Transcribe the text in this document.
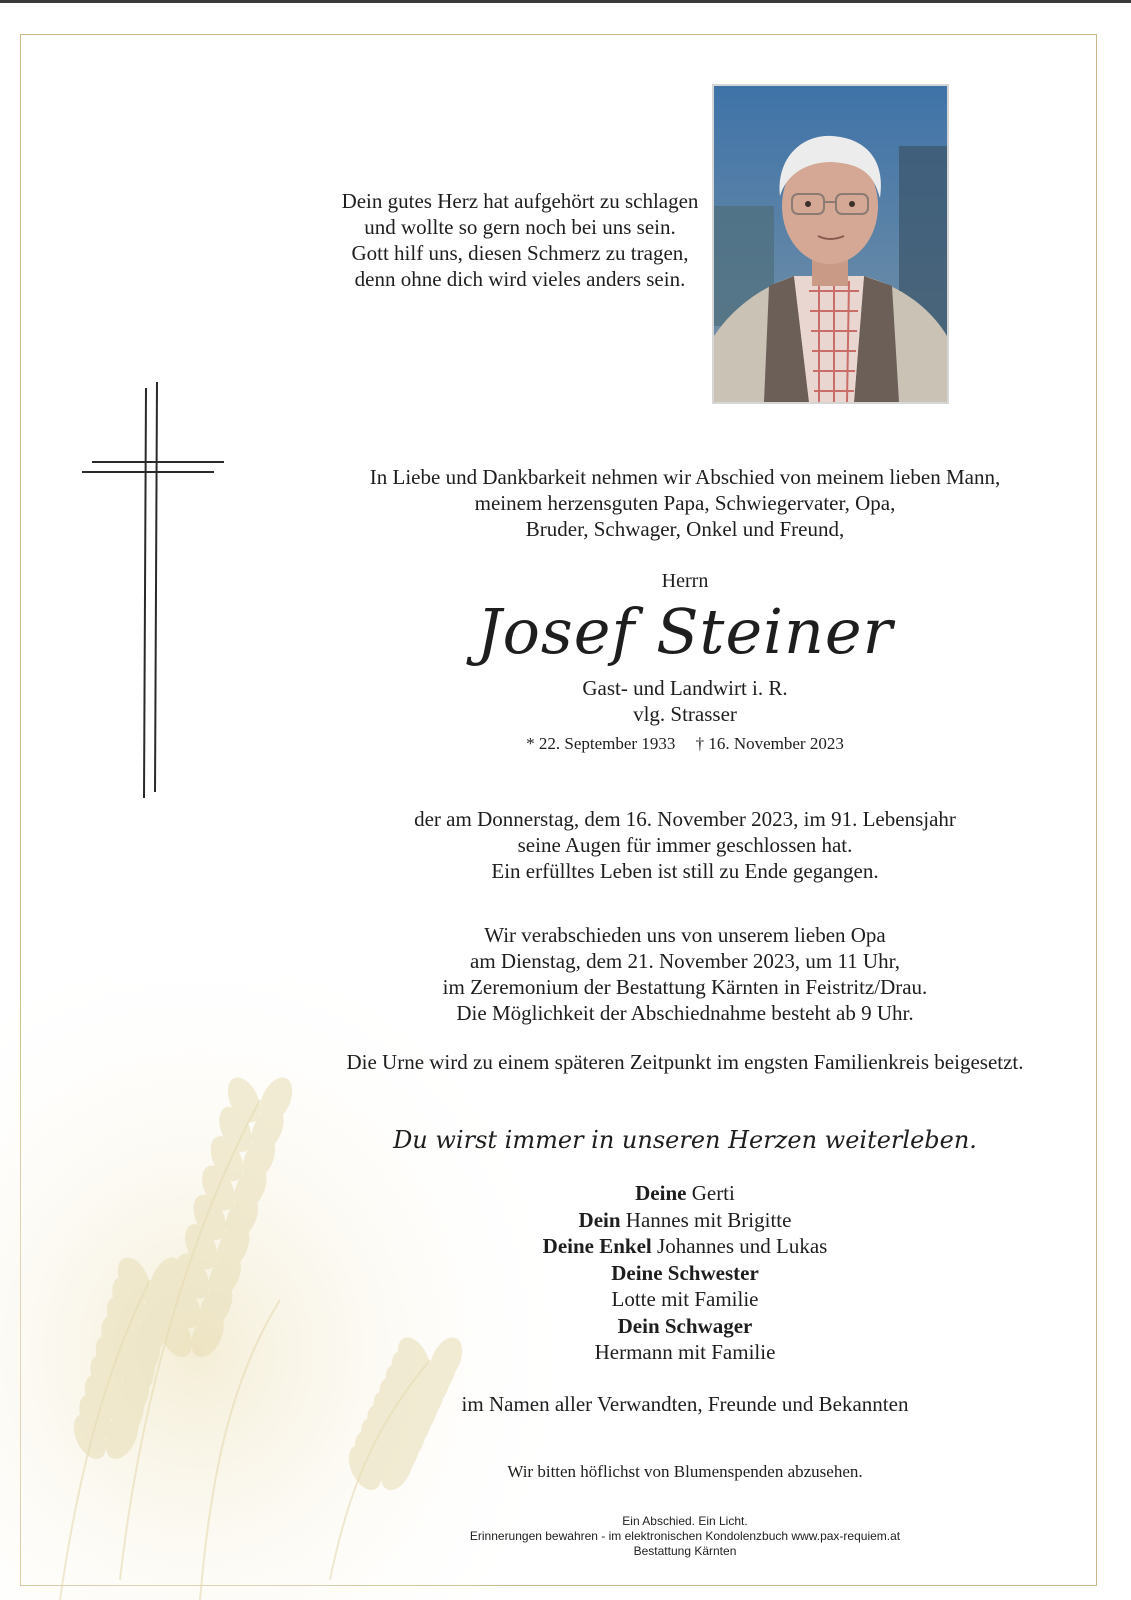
Dein gutes Herz hat aufgehört zu schlagen

und wollte so gern noch bei uns sein.

Gott hilf uns, diesen Schmerz zu tragen,

denn ohne dich wird vieles anders sein.

In Liebe und Dankbarkeit nehmen wir Abschied von meinem lieben Mann,

meinem herzensguten Papa, Schwiegervater, Opa,

Bruder, Schwager, Onkel und Freund,

Herrn
Josef Steiner

Gast- und Landwirt i. R.

vlg. Strasser

* 22. September 1933 † 16. November 2023

der am Donnerstag, dem 16. November 2023, im 91. Lebensjahr

seine Augen für immer geschlossen hat.

Ein erfülltes Leben ist still zu Ende gegangen.

Wir verabschieden uns von unserem lieben Opa

am Dienstag, dem 21. November 2023, um 11 Uhr,

im Zeremonium der Bestattung Kärnten in Feistritz/Drau.

Die Möglichkeit der Abschiednahme besteht ab 9 Uhr.

Die Urne wird zu einem späteren Zeitpunkt im engsten Familienkreis beigesetzt.
Du wirst immer in unseren Herzen weiterleben.

Deine Gerti

Dein Hannes mit Brigitte

Deine Enkel Johannes und Lukas

Deine Schwester

Lotte mit Familie

Dein Schwager

Hermann mit Familie

im Namen aller Verwandten, Freunde und Bekannten
Wir bitten höflichst von Blumenspenden abzusehen.

Ein Abschied. Ein Licht.

Erinnerungen bewahren - im elektronischen Kondolenzbuch www.pax-requiem.at

Bestattung Kärnten
